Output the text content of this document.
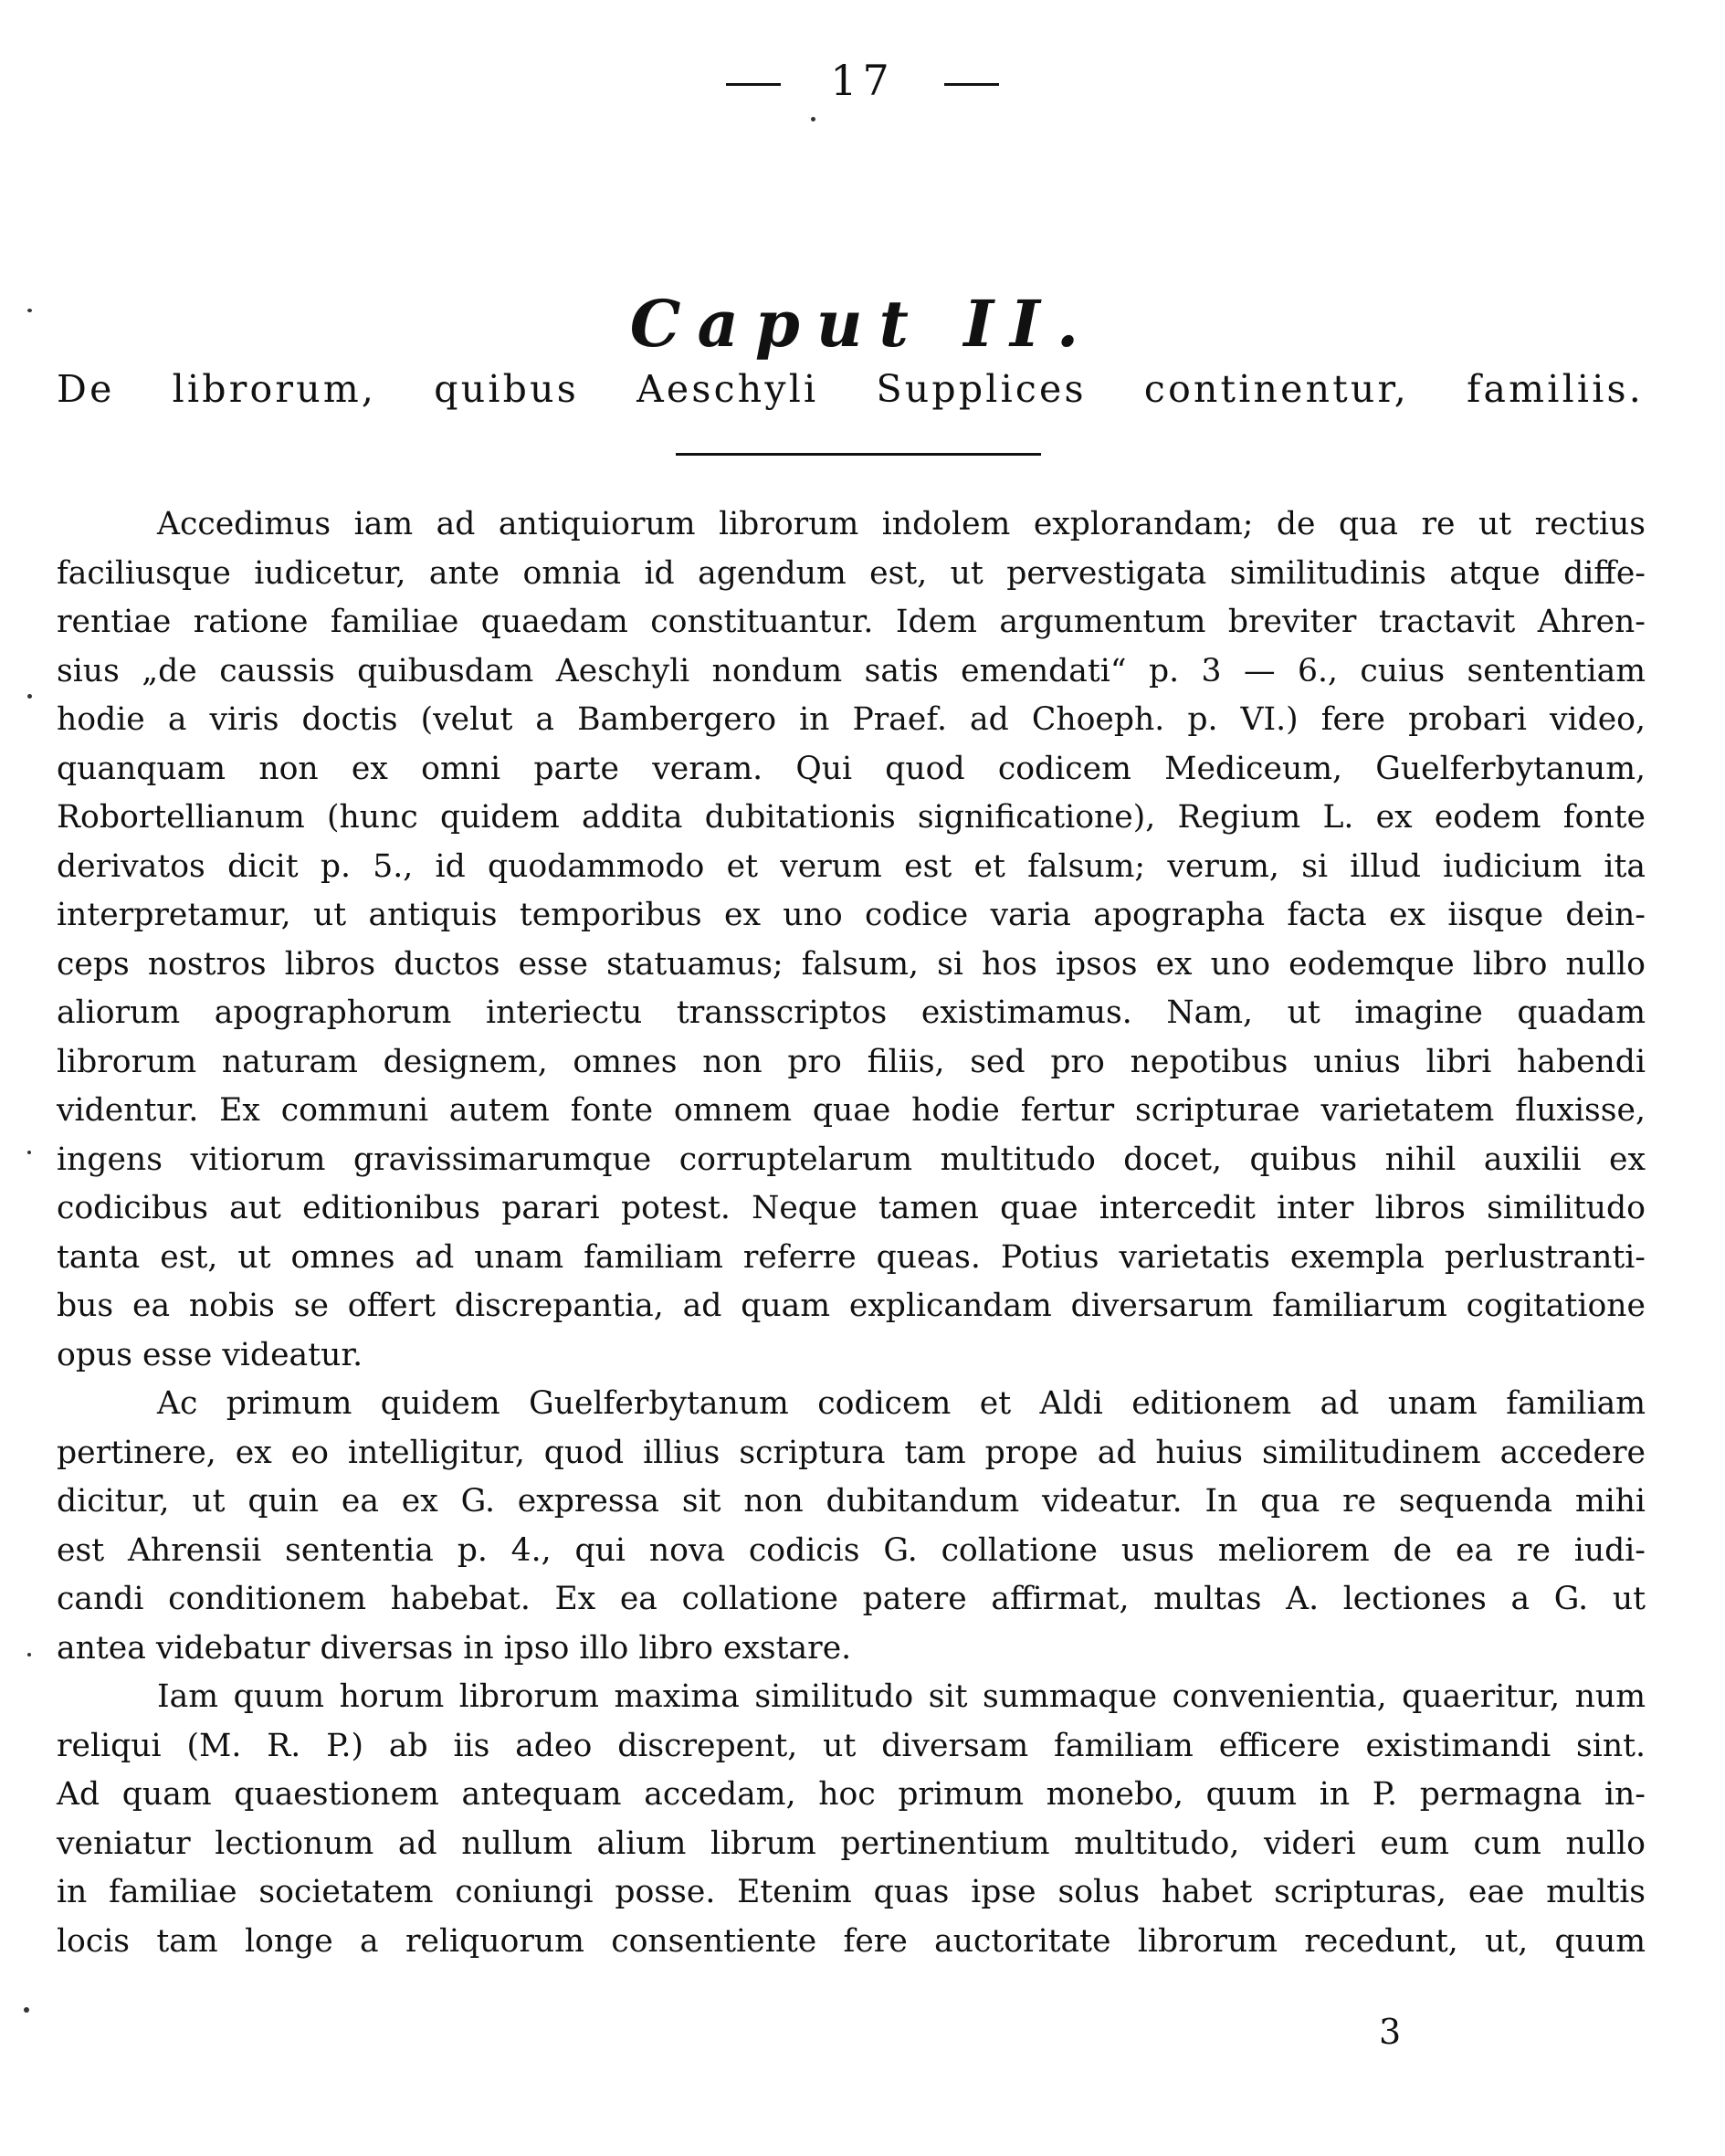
17
Caput II.
De librorum, quibus Aeschyli Supplices continentur, familiis.
Accedimus iam ad antiquiorum librorum indolem explorandam; de qua re ut rectius
faciliusque iudicetur, ante omnia id agendum est, ut pervestigata similitudinis atque diffe-
rentiae ratione familiae quaedam constituantur. Idem argumentum breviter tractavit Ahren-
sius „de caussis quibusdam Aeschyli nondum satis emendati“ p. 3 — 6., cuius sententiam
hodie a viris doctis (velut a Bambergero in Praef. ad Choeph. p. VI.) fere probari video,
quanquam non ex omni parte veram. Qui quod codicem Mediceum, Guelferbytanum,
Robortellianum (hunc quidem addita dubitationis significatione), Regium L. ex eodem fonte
derivatos dicit p. 5., id quodammodo et verum est et falsum; verum, si illud iudicium ita
interpretamur, ut antiquis temporibus ex uno codice varia apographa facta ex iisque dein-
ceps nostros libros ductos esse statuamus; falsum, si hos ipsos ex uno eodemque libro nullo
aliorum apographorum interiectu transscriptos existimamus. Nam, ut imagine quadam
librorum naturam designem, omnes non pro filiis, sed pro nepotibus unius libri habendi
videntur. Ex communi autem fonte omnem quae hodie fertur scripturae varietatem fluxisse,
ingens vitiorum gravissimarumque corruptelarum multitudo docet, quibus nihil auxilii ex
codicibus aut editionibus parari potest. Neque tamen quae intercedit inter libros similitudo
tanta est, ut omnes ad unam familiam referre queas. Potius varietatis exempla perlustranti-
bus ea nobis se offert discrepantia, ad quam explicandam diversarum familiarum cogitatione
opus esse videatur.
Ac primum quidem Guelferbytanum codicem et Aldi editionem ad unam familiam
pertinere, ex eo intelligitur, quod illius scriptura tam prope ad huius similitudinem accedere
dicitur, ut quin ea ex G. expressa sit non dubitandum videatur. In qua re sequenda mihi
est Ahrensii sententia p. 4., qui nova codicis G. collatione usus meliorem de ea re iudi-
candi conditionem habebat. Ex ea collatione patere affirmat, multas A. lectiones a G. ut
antea videbatur diversas in ipso illo libro exstare.
Iam quum horum librorum maxima similitudo sit summaque convenientia, quaeritur, num
reliqui (M. R. P.) ab iis adeo discrepent, ut diversam familiam efficere existimandi sint.
Ad quam quaestionem antequam accedam, hoc primum monebo, quum in P. permagna in-
veniatur lectionum ad nullum alium librum pertinentium multitudo, videri eum cum nullo
in familiae societatem coniungi posse. Etenim quas ipse solus habet scripturas, eae multis
locis tam longe a reliquorum consentiente fere auctoritate librorum recedunt, ut, quum
3
